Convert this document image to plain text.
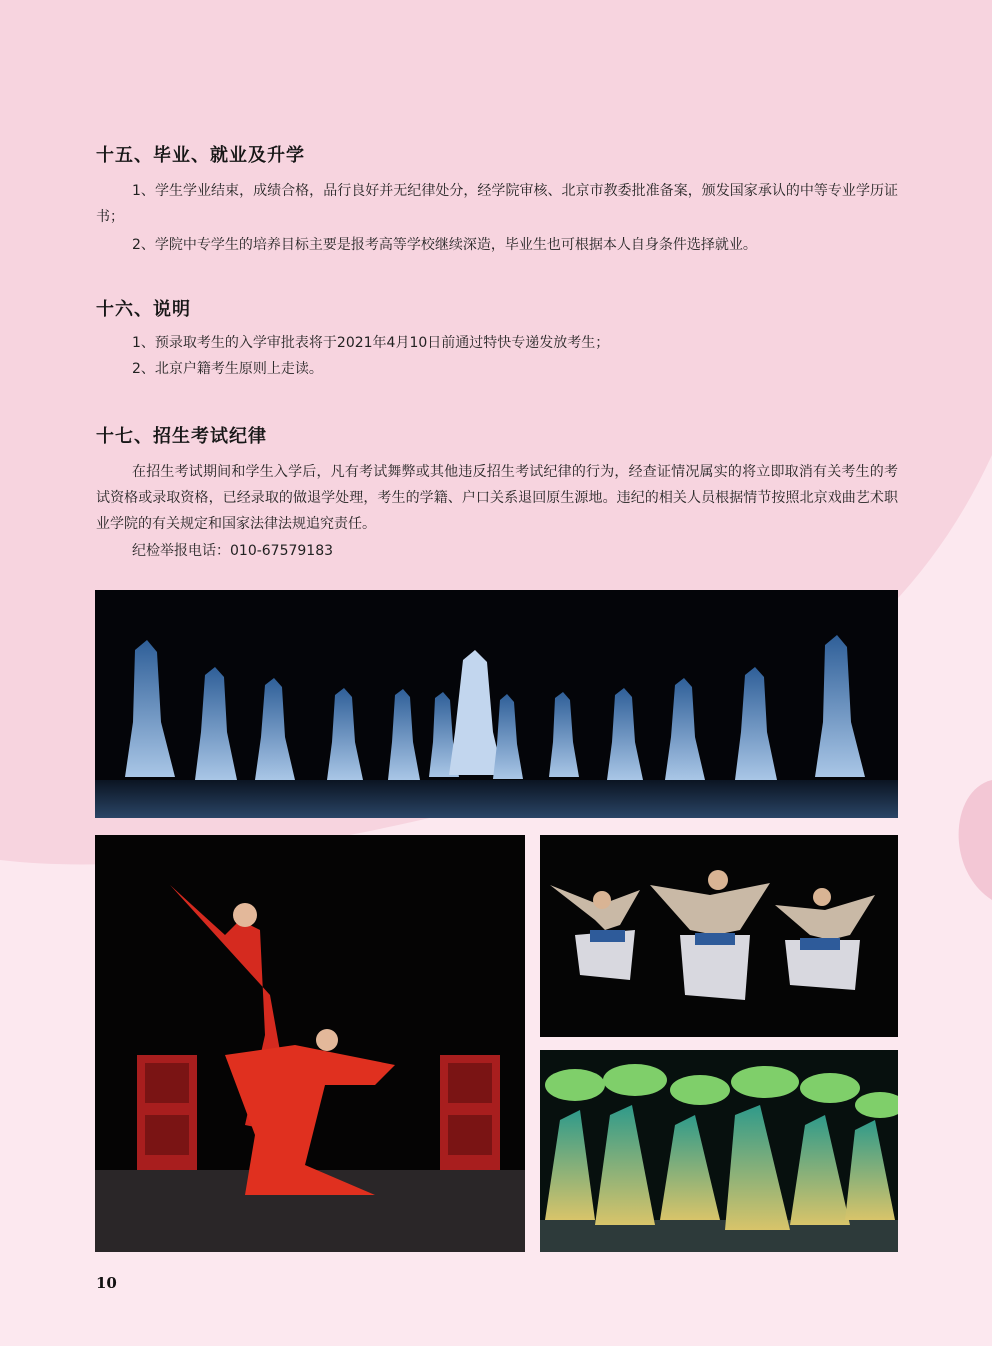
十五、毕业、就业及升学

1、学生学业结束，成绩合格，品行良好并无纪律处分，经学院审核、北京市教委批准备案，颁发国家承认的中等专业学历证书；

2、学院中专学生的培养目标主要是报考高等学校继续深造，毕业生也可根据本人自身条件选择就业。

十六、说明

1、预录取考生的入学审批表将于2021年4月10日前通过特快专递发放考生；

2、北京户籍考生原则上走读。

十七、招生考试纪律

在招生考试期间和学生入学后，凡有考试舞弊或其他违反招生考试纪律的行为，经查证情况属实的将立即取消有关考生的考试资格或录取资格，已经录取的做退学处理，考生的学籍、户口关系退回原生源地。违纪的相关人员根据情节按照北京戏曲艺术职业学院的有关规定和国家法律法规追究责任。

纪检举报电话：010-67579183

10
